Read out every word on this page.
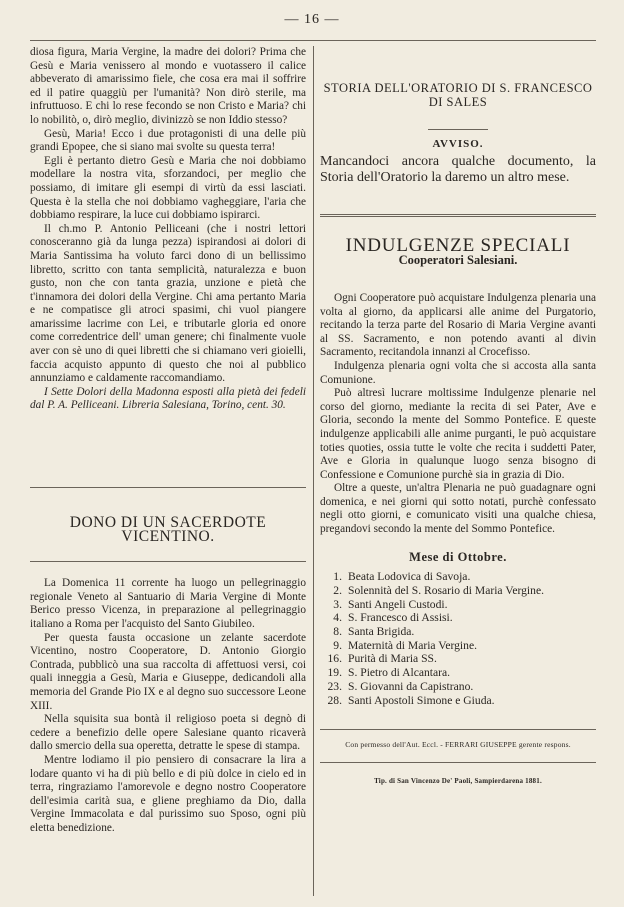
— 16 —

diosa figura, Maria Vergine, la madre dei dolori? Prima che Gesù e Maria venissero al mondo e vuotassero il calice abbeverato di amarissimo fiele, che cosa era mai il soffrire ed il patire quaggiù per l'umanità? Non dirò sterile, ma infruttuoso. E chi lo rese fecondo se non Cristo e Maria? chi lo nobilitò, o, dirò meglio, divinizzò se non Iddio stesso?

Gesù, Maria! Ecco i due protagonisti di una delle più grandi Epopee, che si siano mai svolte su questa terra!

Egli è pertanto dietro Gesù e Maria che noi dobbiamo modellare la nostra vita, sforzandoci, per meglio che possiamo, di imitare gli esempi di virtù da essi lasciati. Questa è la stella che noi dobbiamo vagheggiare, l'aria che dobbiamo respirare, la luce cui dobbiamo ispirarci.

Il ch.mo P. Antonio Pelliceani (che i nostri lettori conosceranno già da lunga pezza) ispirandosi ai dolori di Maria Santissima ha voluto farci dono di un bellissimo libretto, scritto con tanta semplicità, naturalezza e buon gusto, non che con tanta grazia, unzione e pietà che t'innamora dei dolori della Vergine. Chi ama pertanto Maria e ne compatisce gli atroci spasimi, chi vuol piangere amarissime lacrime con Lei, e tributarle gloria ed onore come corredentrice dell' uman genere; chi finalmente vuole aver con sè uno di quei libretti che si chiamano veri gioielli, faccia acquisto appunto di questo che noi al pubblico annunziamo e caldamente raccomandiamo.

I Sette Dolori della Madonna esposti alla pietà dei fedeli dal P. A. Pelliceani. Libreria Salesiana, Torino, cent. 30.

DONO DI UN SACERDOTE VICENTINO.

La Domenica 11 corrente ha luogo un pellegrinaggio regionale Veneto al Santuario di Maria Vergine di Monte Berico presso Vicenza, in preparazione al pellegrinaggio italiano a Roma per l'acquisto del Santo Giubileo.

Per questa fausta occasione un zelante sacerdote Vicentino, nostro Cooperatore, D. Antonio Giorgio Contrada, pubblicò una sua raccolta di affettuosi versi, coi quali inneggia a Gesù, Maria e Giuseppe, dedicandoli alla memoria del Grande Pio IX e al degno suo successore Leone XIII.

Nella squisita sua bontà il religioso poeta si degnò di cedere a benefizio delle opere Salesiane quanto ricaverà dallo smercio della sua operetta, detratte le spese di stampa.

Mentre lodiamo il pio pensiero di consacrare la lira a lodare quanto vi ha di più bello e di più dolce in cielo ed in terra, ringraziamo l'amorevole e degno nostro Cooperatore dell'esimia carità sua, e gliene preghiamo da Dio, dalla Vergine Immacolata e dal purissimo suo Sposo, ogni più eletta benedizione.

STORIA DELL'ORATORIO DI S. FRANCESCO DI SALES
AVVISO.
Mancandoci ancora qualche documento, la Storia dell'Oratorio la daremo un altro mese.
INDULGENZE SPECIALI
Cooperatori Salesiani.

Ogni Cooperatore può acquistare Indulgenza plenaria una volta al giorno, da applicarsi alle anime del Purgatorio, recitando la terza parte del Rosario di Maria Vergine avanti al SS. Sacramento, e non potendo avanti al divin Sacramento, recitandola innanzi al Crocefisso.

Indulgenza plenaria ogni volta che si accosta alla santa Comunione.

Può altresì lucrare moltissime Indulgenze plenarie nel corso del giorno, mediante la recita di sei Pater, Ave e Gloria, secondo la mente del Sommo Pontefice. E queste indulgenze applicabili alle anime purganti, le può acquistare toties quoties, ossia tutte le volte che recita i suddetti Pater, Ave e Gloria in qualunque luogo senza bisogno di Confessione e Comunione purchè sia in grazia di Dio.

Oltre a queste, un'altra Plenaria ne può guadagnare ogni domenica, e nei giorni qui sotto notati, purchè confessato negli otto giorni, e comunicato visiti una qualche chiesa, pregandovi secondo la mente del Sommo Pontefice.

Mese di Ottobre.
1. Beata Lodovica di Savoja.
2. Solennità del S. Rosario di Maria Vergine.
3. Santi Angeli Custodi.
4. S. Francesco di Assisi.
8. Santa Brigida.
9. Maternità di Maria Vergine.
16. Purità di Maria SS.
19. S. Pietro di Alcantara.
23. S. Giovanni da Capistrano.
28. Santi Apostoli Simone e Giuda.
Con permesso dell'Aut. Eccl. - FERRARI GIUSEPPE gerente respons.
Tip. di San Vincenzo De' Paoli, Sampierdarena 1881.
